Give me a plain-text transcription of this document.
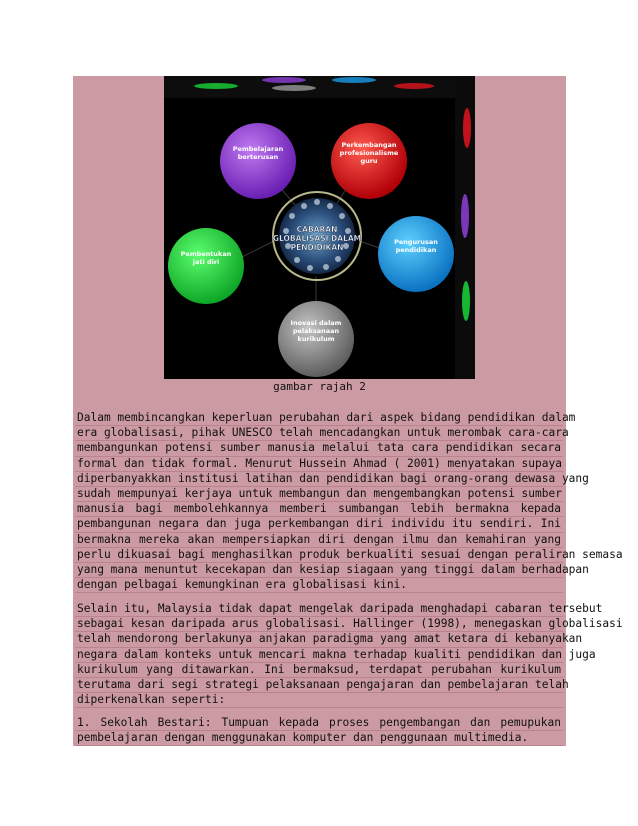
CABARAN
GLOBALISASI DALAM
PENDIDIKAN
Pembelajaran
berterusan
Perkembangan
profesionalisme
guru
Pembentukan
jati diri
Pengurusan
pendidikan
Inovasi dalam
pelaksanaan
kurikulum
gambar rajah 2
Dalam membincangkan keperluan perubahan dari aspek bidang pendidikan dalam
era globalisasi, pihak UNESCO telah mencadangkan untuk merombak cara-cara
membangunkan potensi sumber manusia melalui tata cara pendidikan secara
formal dan tidak formal. Menurut Hussein Ahmad ( 2001) menyatakan supaya
diperbanyakkan institusi latihan dan pendidikan bagi orang-orang dewasa yang
sudah mempunyai kerjaya untuk membangun dan mengembangkan potensi sumber
manusia bagi membolehkannya memberi sumbangan lebih bermakna kepada
pembangunan negara dan juga perkembangan diri individu itu sendiri. Ini
bermakna mereka akan mempersiapkan diri dengan ilmu dan kemahiran yang
perlu dikuasai bagi menghasilkan produk berkualiti sesuai dengan peraliran semasa
yang mana menuntut kecekapan dan kesiap siagaan yang tinggi dalam berhadapan
dengan pelbagai kemungkinan era globalisasi kini.
Selain itu, Malaysia tidak dapat mengelak daripada menghadapi cabaran tersebut
sebagai kesan daripada arus globalisasi. Hallinger (1998), menegaskan globalisasi
telah mendorong berlakunya anjakan paradigma yang amat ketara di kebanyakan
negara dalam konteks untuk mencari makna terhadap kualiti pendidikan dan juga
kurikulum yang ditawarkan. Ini bermaksud, terdapat perubahan kurikulum
terutama dari segi strategi pelaksanaan pengajaran dan pembelajaran telah
diperkenalkan seperti:
1. Sekolah Bestari: Tumpuan kepada proses pengembangan dan pemupukan
pembelajaran dengan menggunakan komputer dan penggunaan multimedia.
